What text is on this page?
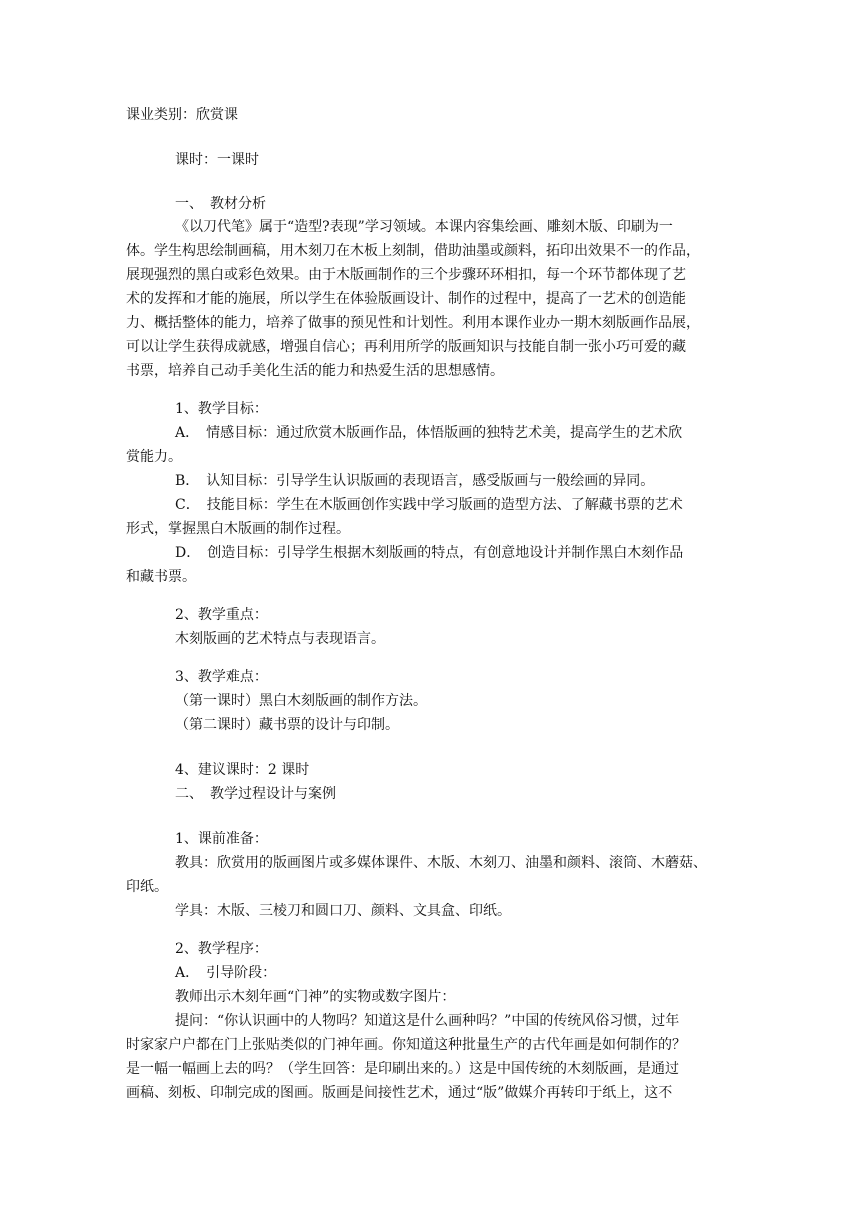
课业类别：欣赏课
课时：一课时
一、　教材分析
《以刀代笔》属于“造型?表现”学习领域。本课内容集绘画、雕刻木版、印刷为一
体。学生构思绘制画稿，用木刻刀在木板上刻制，借助油墨或颜料，拓印出效果不一的作品，
展现强烈的黑白或彩色效果。由于木版画制作的三个步骤环环相扣，每一个环节都体现了艺
术的发挥和才能的施展，所以学生在体验版画设计、制作的过程中，提高了一艺术的创造能
力、概括整体的能力，培养了做事的预见性和计划性。利用本课作业办一期木刻版画作品展，
可以让学生获得成就感，增强自信心；再利用所学的版画知识与技能自制一张小巧可爱的藏
书票，培养自己动手美化生活的能力和热爱生活的思想感情。
1、教学目标：
A．　情感目标：通过欣赏木版画作品，体悟版画的独特艺术美，提高学生的艺术欣
赏能力。
B．　认知目标：引导学生认识版画的表现语言，感受版画与一般绘画的异同。
C．　技能目标：学生在木版画创作实践中学习版画的造型方法、了解藏书票的艺术
形式，掌握黑白木版画的制作过程。
D．　创造目标：引导学生根据木刻版画的特点，有创意地设计并制作黑白木刻作品
和藏书票。
2、教学重点：
木刻版画的艺术特点与表现语言。
3、教学难点：
（第一课时）黑白木刻版画的制作方法。
（第二课时）藏书票的设计与印制。
4、建议课时：2 课时
二、　教学过程设计与案例
1、课前准备：
教具：欣赏用的版画图片或多媒体课件、木版、木刻刀、油墨和颜料、滚筒、木蘑菇、
印纸。
学具：木版、三棱刀和圆口刀、颜料、文具盒、印纸。
2、教学程序：
A．　引导阶段：
教师出示木刻年画“门神”的实物或数字图片：
提问：“你认识画中的人物吗？知道这是什么画种吗？”中国的传统风俗习惯，过年
时家家户户都在门上张贴类似的门神年画。你知道这种批量生产的古代年画是如何制作的？
是一幅一幅画上去的吗？（学生回答：是印刷出来的。）这是中国传统的木刻版画，是通过
画稿、刻板、印制完成的图画。版画是间接性艺术，通过“版”做媒介再转印于纸上，这不
